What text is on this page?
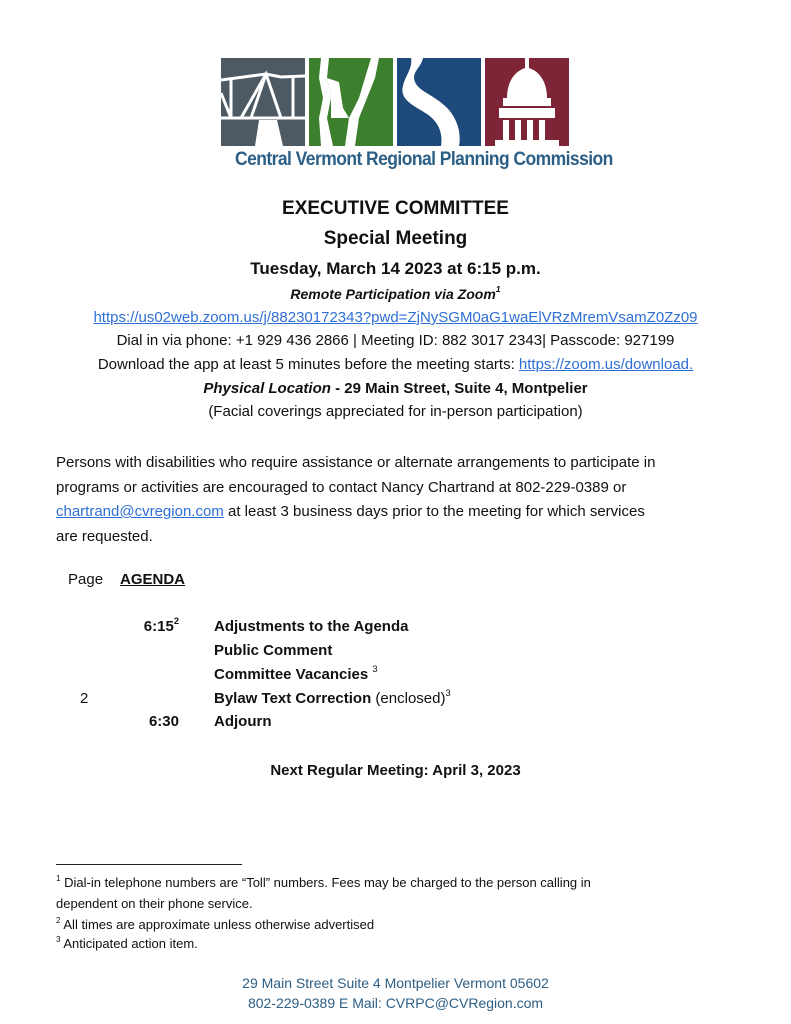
Central Vermont Regional Planning Commission
EXECUTIVE COMMITTEE
Special Meeting
Tuesday, March 14 2023 at 6:15 p.m.
Remote Participation via Zoom$^1$
https://us02web.zoom.us/j/88230172343?pwd=ZjNySGM0aG1waElVRzMremVsamZ0Zz09
Dial in via phone: +1 929 436 2866 | Meeting ID: 882 3017 2343| Passcode: 927199
Download the app at least 5 minutes before the meeting starts: https://zoom.us/download.
Physical Location - 29 Main Street, Suite 4, Montpelier
(Facial coverings appreciated for in-person participation)
Persons with disabilities who require assistance or alternate arrangements to participate in
programs or activities are encouraged to contact Nancy Chartrand at 802-229-0389 or
chartrand@cvregion.com at least 3 business days prior to the meeting for which services
are requested.
Page AGENDA
$6:15^2$ Adjustments to the Agenda
Public Comment
Committee Vacancies $^3$
2	Bylaw Text Correction (enclosed)$^3$
6:30 Adjourn
Next Regular Meeting: April 3, 2023
$^1$ Dial-in telephone numbers are “Toll” numbers. Fees may be charged to the person calling in
dependent on their phone service.
$^2$ All times are approximate unless otherwise advertised
$^3$ Anticipated action item.
29 Main Street Suite 4 Montpelier Vermont 05602
802-229-0389 E Mail: CVRPC@CVRegion.com
